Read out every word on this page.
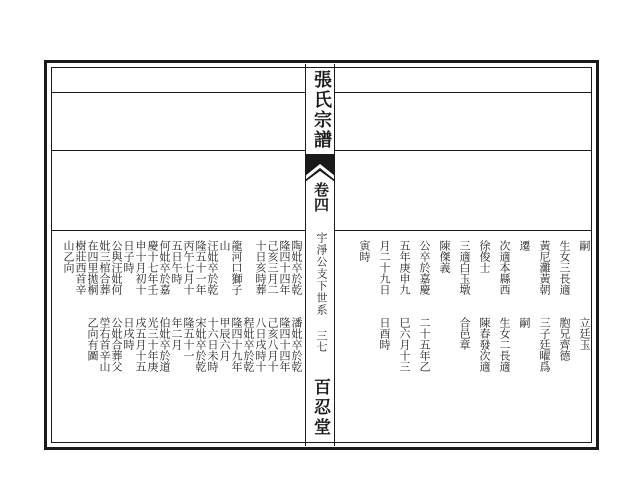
張氏宗譜
卷四
宇淨公支下世系
三七
百忍堂
嗣
立廷玉
生女三長適
胞兄齊德
黃尼灘黃朝
三子廷曜爲
遷
嗣
次適本縣西
生女二長適
徐俊士
陳春發次適
三適白玉墩
合邑章
陳傑義
公卒於嘉慶
二十五年乙
五年庚申九
巳六月十三
月二十九日
日酉時
寅時
陶妣卒於乾
潘妣卒於乾
隆四十四年
隆四十四年
己亥三月二
己亥八月十
十日亥時葬
八日戌時十
程妣卒於乾
龍河口獅子
隆四十九年
山
甲辰六月
汪妣卒於乾
十六日未時
隆五十一年
宋妣卒於乾
丙午七月十
隆五十一
五日午時
年二月
何妣卒於嘉
伯妣卒於道
慶十七年壬
光三十年庚
申十月初十
戌五月十五
日子時
日戌時
公與汪妣何
公妣合葬父
妣三棺合葬
塋右首辛山
在四里拋桐
乙向有圖
樹莊西首辛
山乙向
